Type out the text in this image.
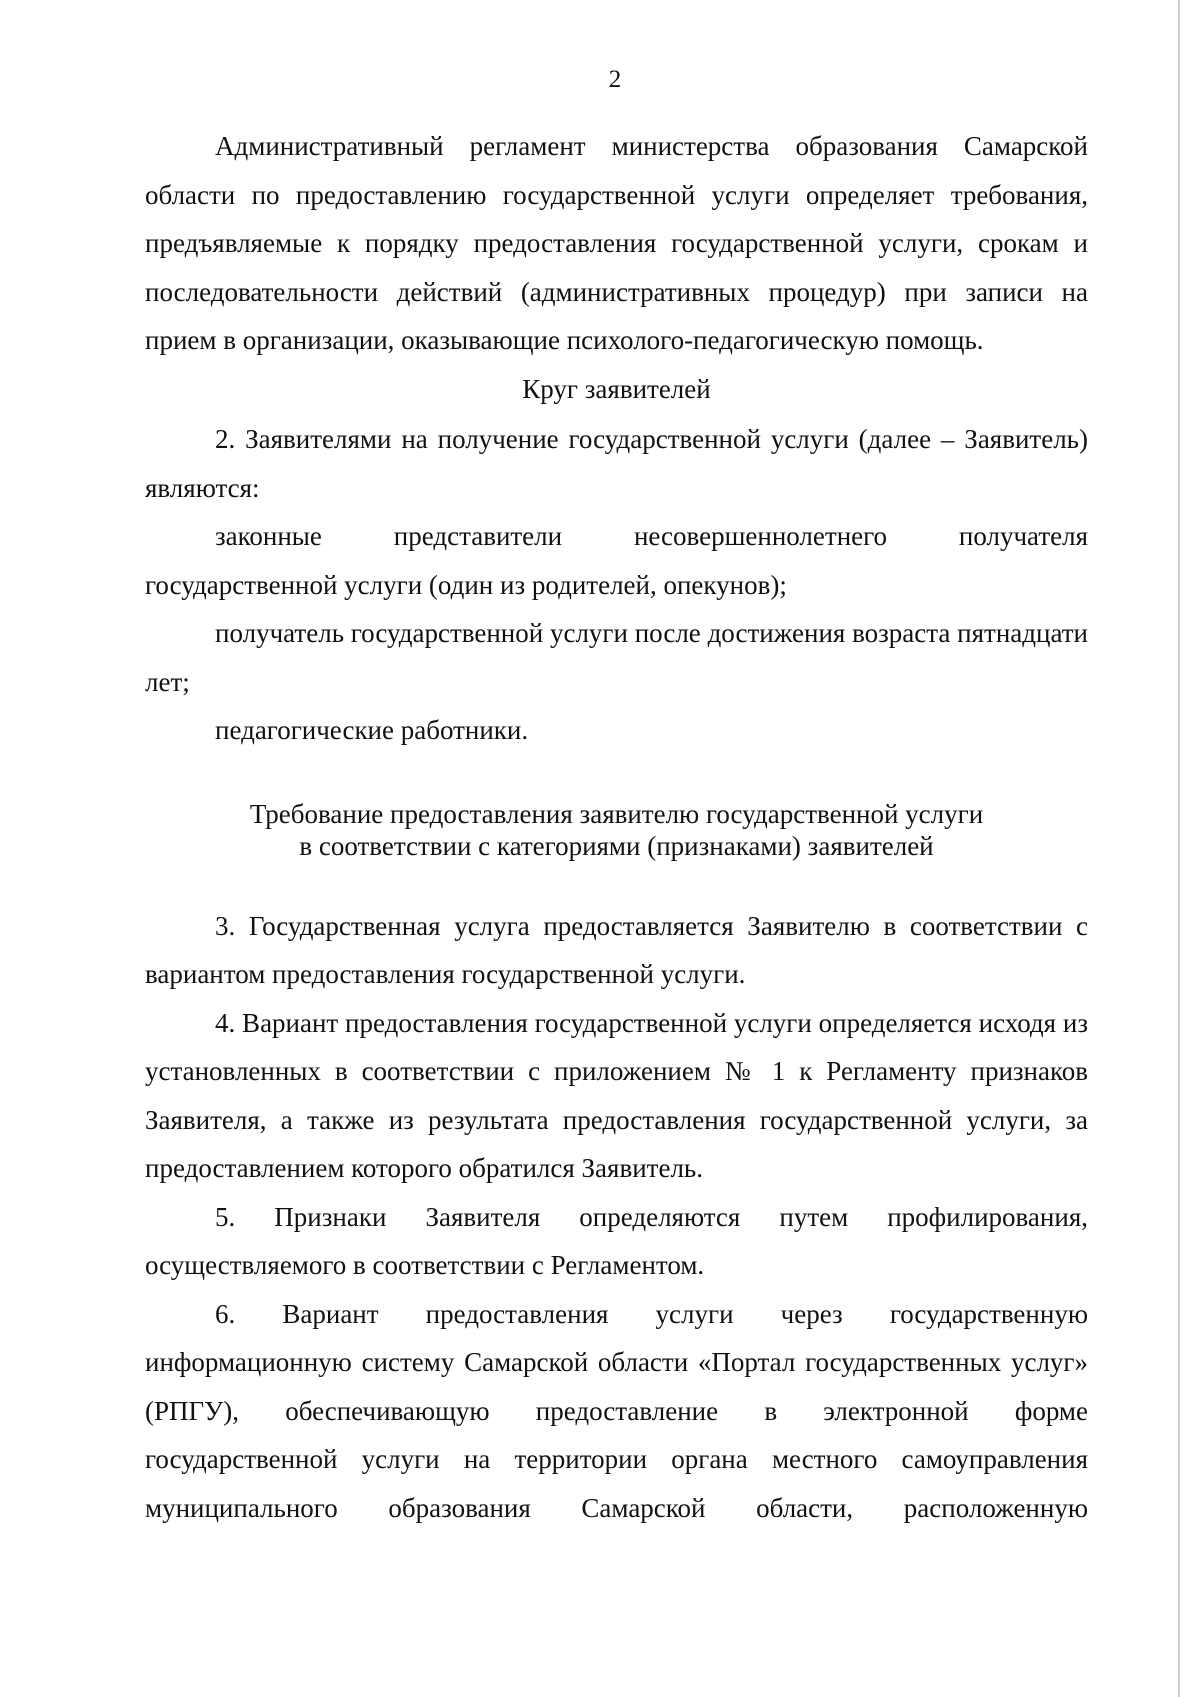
2

Административный регламент министерства образования Самарской области по предоставлению государственной услуги определяет требования, предъявляемые к порядку предоставления государственной услуги, срокам и последовательности действий (административных процедур) при записи на прием в организации, оказывающие психолого-педагогическую помощь.

Круг заявителей

2. Заявителями на получение государственной услуги (далее – Заявитель) являются:

законные представители несовершеннолетнего получателя государственной услуги (один из родителей, опекунов);

получатель государственной услуги после достижения возраста пятнадцати лет;

педагогические работники.

Требование предоставления заявителю государственной услуги
в соответствии с категориями (признаками) заявителей

3. Государственная услуга предоставляется Заявителю в соответствии с вариантом предоставления государственной услуги.

4. Вариант предоставления государственной услуги определяется исходя из установленных в соответствии с приложением № 1 к Регламенту признаков Заявителя, а также из результата предоставления государственной услуги, за предоставлением которого обратился Заявитель.

5. Признаки Заявителя определяются путем профилирования, осуществляемого в соответствии с Регламентом.

6. Вариант предоставления услуги через государственную информационную систему Самарской области «Портал государственных услуг» (РПГУ), обеспечивающую предоставление в электронной форме государственной услуги на территории органа местного самоуправления муниципального образования Самарской области, расположенную
